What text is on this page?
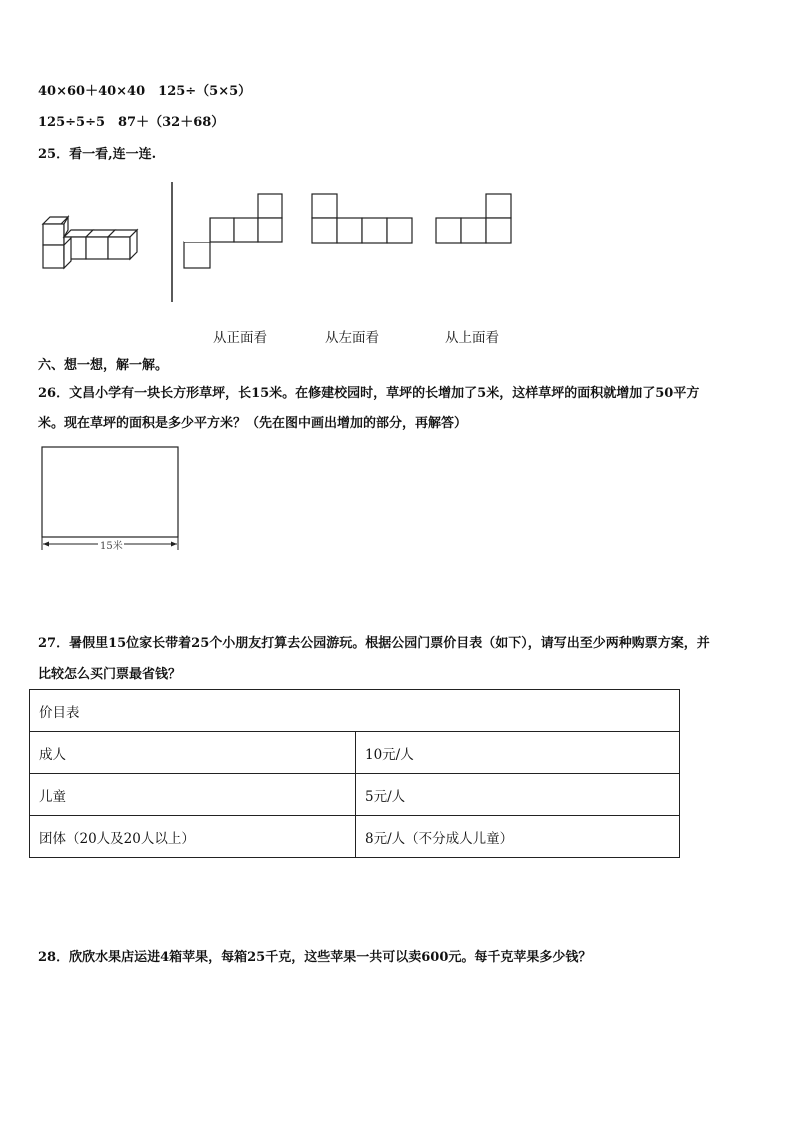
40×60＋40×40　125÷（5×5）
125÷5÷5　87＋（32＋68）
25．看一看,连一连.
从正面看	从左面看	从上面看
六、想一想，解一解。
26．文昌小学有一块长方形草坪，长15米。在修建校园时，草坪的长增加了5米，这样草坪的面积就增加了50平方
米。现在草坪的面积是多少平方米？（先在图中画出增加的部分，再解答）
15米
27．暑假里15位家长带着25个小朋友打算去公园游玩。根据公园门票价目表（如下），请写出至少两种购票方案，并
比较怎么买门票最省钱？
价目表	
成人	10元/人
儿童	5元/人
团体（20人及20人以上）	8元/人（不分成人儿童）
28．欣欣水果店运进4箱苹果，每箱25千克，这些苹果一共可以卖600元。每千克苹果多少钱？
